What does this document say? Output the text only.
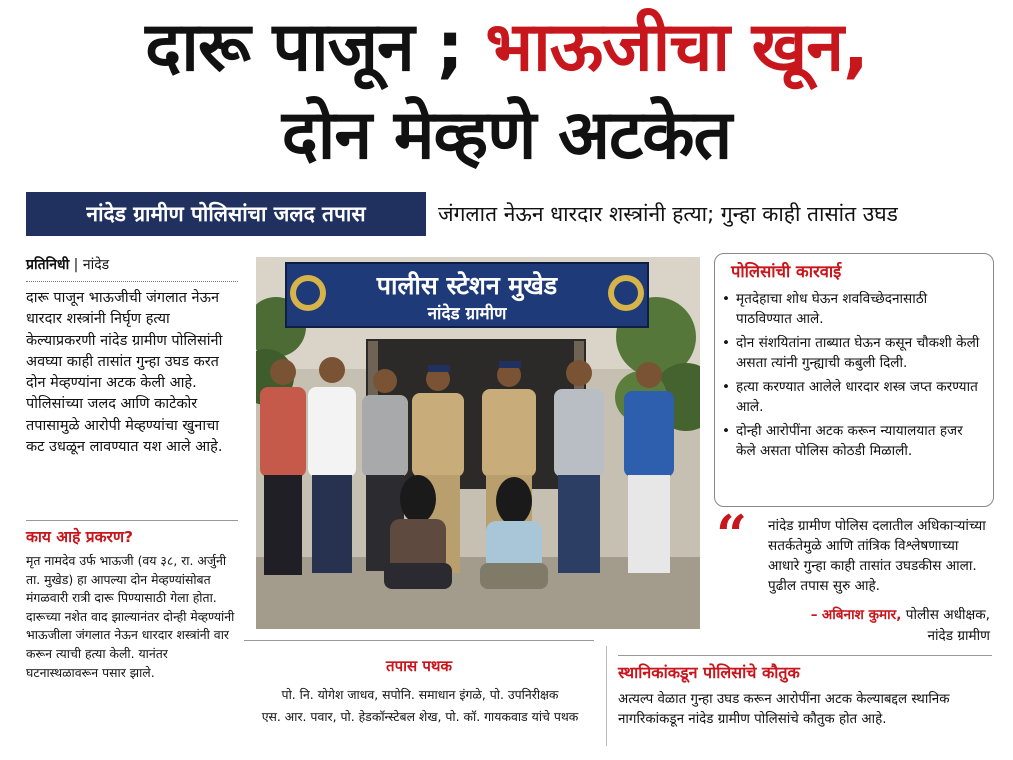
दारू पाजून ; भाऊजीचा खून,
दोन मेव्हणे अटकेत
नांदेड ग्रामीण पोलिसांचा जलद तपास	जंगलात नेऊन धारदार शस्त्रांनी हत्या; गुन्हा काही तासांत उघड
प्रतिनिधी | नांदेड
दारू पाजून भाऊजीची जंगलात नेऊन धारदार शस्त्रांनी निर्घृण हत्या केल्याप्रकरणी नांदेड ग्रामीण पोलिसांनी अवघ्या काही तासांत गुन्हा उघड करत दोन मेव्हण्यांना अटक केली आहे. पोलिसांच्या जलद आणि काटेकोर तपासामुळे आरोपी मेव्हण्यांचा खुनाचा कट उधळून लावण्यात यश आले आहे.
काय आहे प्रकरण?
मृत नामदेव उर्फ भाऊजी (वय ३८, रा. अर्जुनी ता. मुखेड) हा आपल्या दोन मेव्हण्यांसोबत मंगळवारी रात्री दारू पिण्यासाठी गेला होता. दारूच्या नशेत वाद झाल्यानंतर दोन्ही मेव्हण्यांनी भाऊजीला जंगलात नेऊन धारदार शस्त्रांनी वार करून त्याची हत्या केली. यानंतर घटनास्थळावरून पसार झाले.
पालीस स्टेशन मुखेड
नांदेड ग्रामीण
पोलिसांची कारवाई
• मृतदेहाचा शोध घेऊन शवविच्छेदनासाठी पाठविण्यात आले.
• दोन संशयितांना ताब्यात घेऊन कसून चौकशी केली असता त्यांनी गुन्ह्याची कबुली दिली.
• हत्या करण्यात आलेले धारदार शस्त्र जप्त करण्यात आले.
• दोन्ही आरोपींना अटक करून न्यायालयात हजर केले असता पोलिस कोठडी मिळाली.
“ नांदेड ग्रामीण पोलिस दलातील अधिकाऱ्यांच्या सतर्कतेमुळे आणि तांत्रिक विश्लेषणाच्या आधारे गुन्हा काही तासांत उघडकीस आला. पुढील तपास सुरु आहे.
– अबिनाश कुमार, पोलीस अधीक्षक,
नांदेड ग्रामीण
तपास पथक
पो. नि. योगेश जाधव, सपोनि. समाधान इंगळे, पो. उपनिरीक्षक
एस. आर. पवार, पो. हेडकॉन्स्टेबल शेख, पो. कॉ. गायकवाड यांचे पथक
स्थानिकांकडून पोलिसांचे कौतुक
अत्यल्प वेळात गुन्हा उघड करून आरोपींना अटक केल्याबद्दल स्थानिक नागरिकांकडून नांदेड ग्रामीण पोलिसांचे कौतुक होत आहे.
